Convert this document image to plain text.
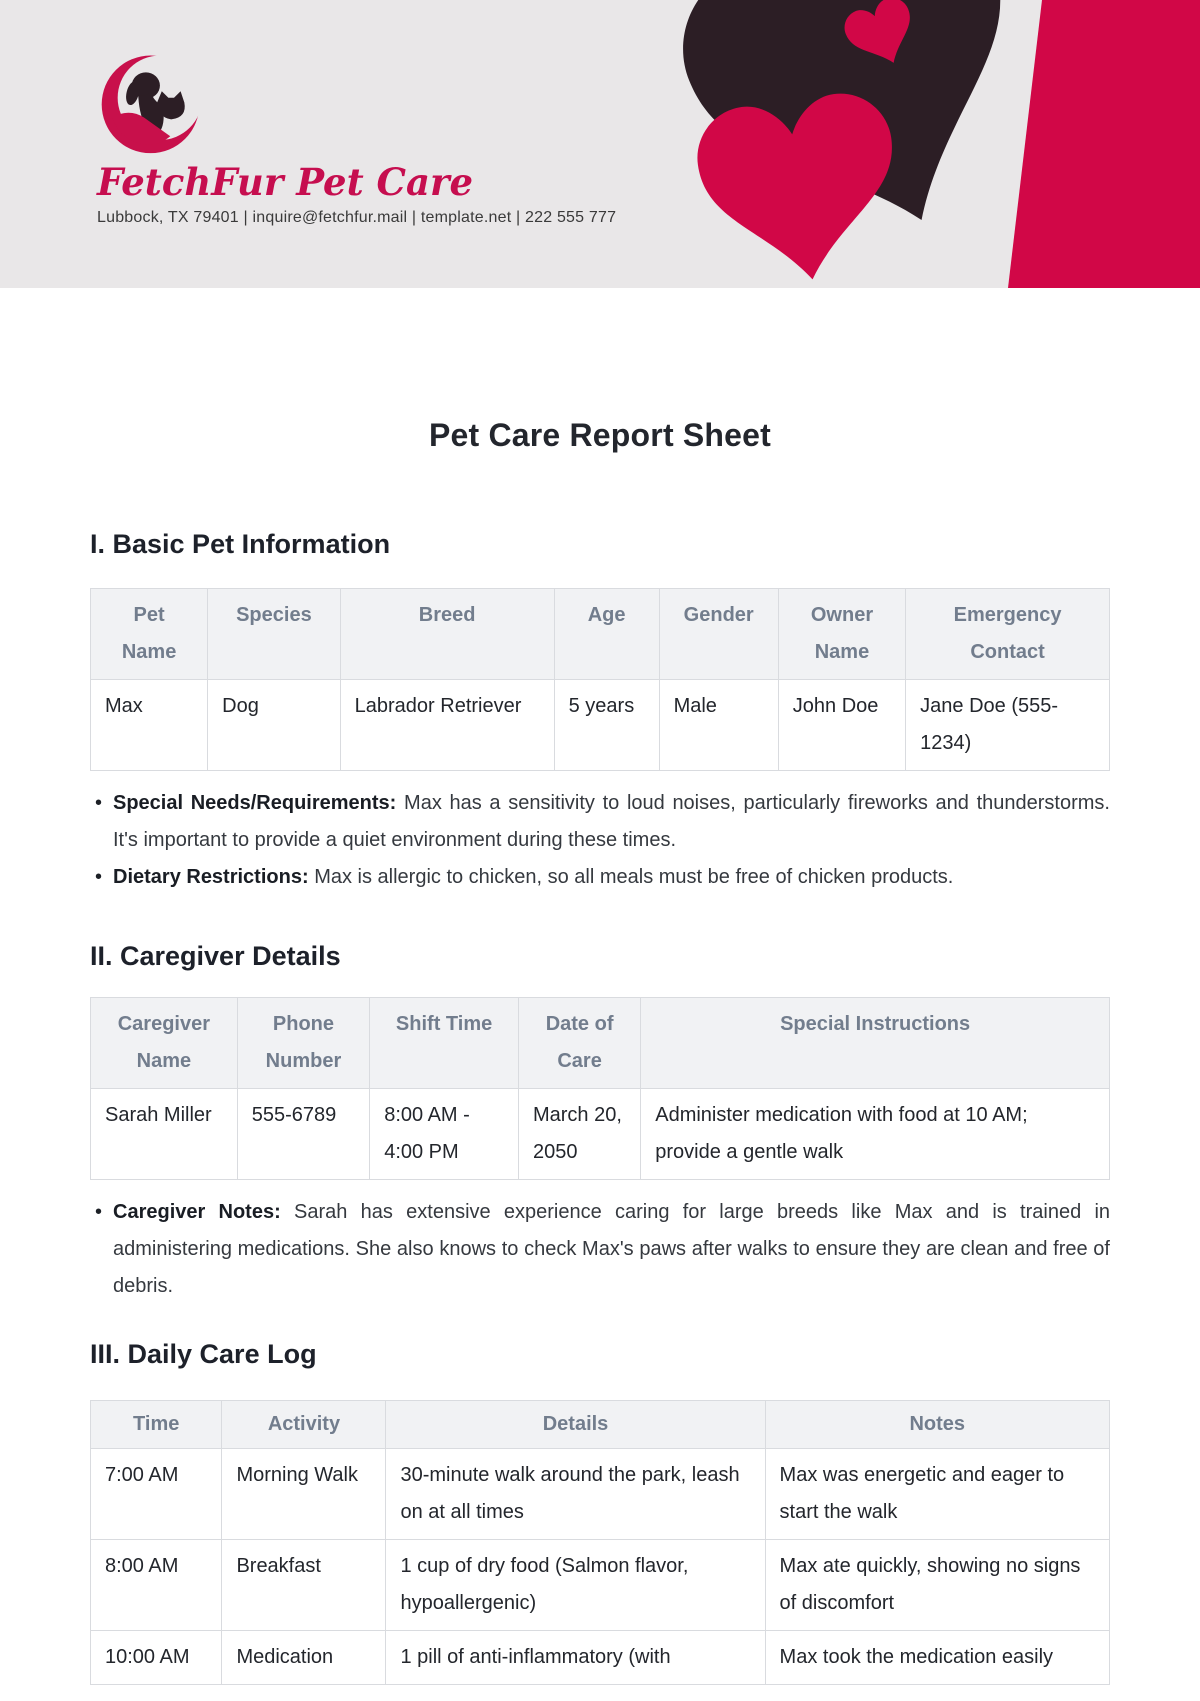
FetchFur Pet Care
Lubbock, TX 79401 | inquire@fetchfur.mail | template.net | 222 555 777
Pet Care Report Sheet
I. Basic Pet Information
Pet Name	Species	Breed	Age	Gender	Owner Name	Emergency Contact
Max	Dog	Labrador Retriever	5 years	Male	John Doe	Jane Doe (555-1234)
• Special Needs/Requirements: Max has a sensitivity to loud noises, particularly fireworks and thunderstorms. It's important to provide a quiet environment during these times.
• Dietary Restrictions: Max is allergic to chicken, so all meals must be free of chicken products.
II. Caregiver Details
Caregiver Name	Phone Number	Shift Time	Date of Care	Special Instructions
Sarah Miller	555-6789	8:00 AM - 4:00 PM	March 20, 2050	Administer medication with food at 10 AM; provide a gentle walk
• Caregiver Notes: Sarah has extensive experience caring for large breeds like Max and is trained in administering medications. She also knows to check Max's paws after walks to ensure they are clean and free of debris.
III. Daily Care Log
Time	Activity	Details	Notes
7:00 AM	Morning Walk	30-minute walk around the park, leash on at all times	Max was energetic and eager to start the walk
8:00 AM	Breakfast	1 cup of dry food (Salmon flavor, hypoallergenic)	Max ate quickly, showing no signs of discomfort
10:00 AM	Medication	1 pill of anti-inflammatory (with	Max took the medication easily
